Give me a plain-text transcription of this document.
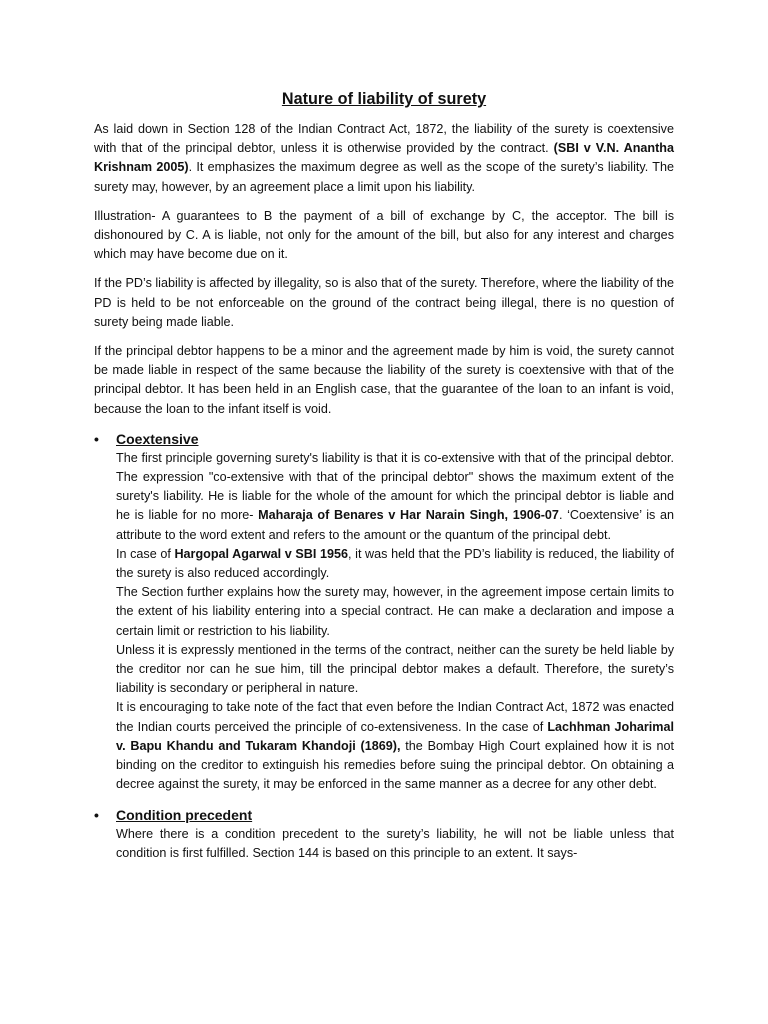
Nature of liability of surety

As laid down in Section 128 of the Indian Contract Act, 1872, the liability of the surety is coextensive with that of the principal debtor, unless it is otherwise provided by the contract. (SBI v V.N. Anantha Krishnam 2005). It emphasizes the maximum degree as well as the scope of the surety’s liability. The surety may, however, by an agreement place a limit upon his liability.

Illustration- A guarantees to B the payment of a bill of exchange by C, the acceptor. The bill is dishonoured by C. A is liable, not only for the amount of the bill, but also for any interest and charges which may have become due on it.

If the PD’s liability is affected by illegality, so is also that of the surety. Therefore, where the liability of the PD is held to be not enforceable on the ground of the contract being illegal, there is no question of surety being made liable.

If the principal debtor happens to be a minor and the agreement made by him is void, the surety cannot be made liable in respect of the same because the liability of the surety is coextensive with that of the principal debtor. It has been held in an English case, that the guarantee of the loan to an infant is void, because the loan to the infant itself is void.

•	Coextensive

The first principle governing surety's liability is that it is co-extensive with that of the principal debtor. The expression "co-extensive with that of the principal debtor" shows the maximum extent of the surety's liability. He is liable for the whole of the amount for which the principal debtor is liable and he is liable for no more- Maharaja of Benares v Har Narain Singh, 1906-07. ‘Coextensive’ is an attribute to the word extent and refers to the amount or the quantum of the principal debt.

In case of Hargopal Agarwal v SBI 1956, it was held that the PD’s liability is reduced, the liability of the surety is also reduced accordingly.

The Section further explains how the surety may, however, in the agreement impose certain limits to the extent of his liability entering into a special contract. He can make a declaration and impose a certain limit or restriction to his liability.

Unless it is expressly mentioned in the terms of the contract, neither can the surety be held liable by the creditor nor can he sue him, till the principal debtor makes a default. Therefore, the surety’s liability is secondary or peripheral in nature.

It is encouraging to take note of the fact that even before the Indian Contract Act, 1872 was enacted the Indian courts perceived the principle of co-extensiveness. In the case of Lachhman Joharimal v. Bapu Khandu and Tukaram Khandoji (1869), the Bombay High Court explained how it is not binding on the creditor to extinguish his remedies before suing the principal debtor. On obtaining a decree against the surety, it may be enforced in the same manner as a decree for any other debt.

•	Condition precedent

Where there is a condition precedent to the surety’s liability, he will not be liable unless that condition is first fulfilled. Section 144 is based on this principle to an extent. It says-
